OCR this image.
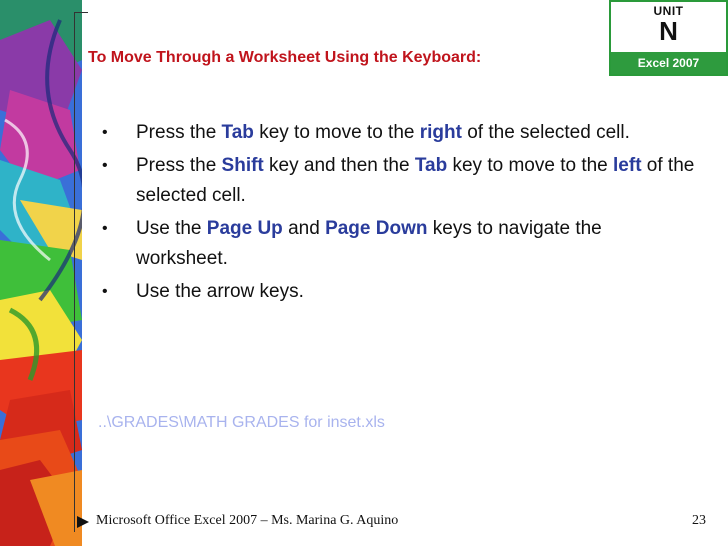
To Move Through a Worksheet Using the Keyboard:
UNIT
N
Excel 2007
• Press the Tab key to move to the right of the selected cell.
• Press the Shift key and then the Tab key to move to the left of the selected cell.
• Use the Page Up and Page Down keys to navigate the worksheet.
• Use the arrow keys.
..\GRADES\MATH GRADES for inset.xls
Microsoft Office Excel 2007 – Ms. Marina G. Aquino	23
